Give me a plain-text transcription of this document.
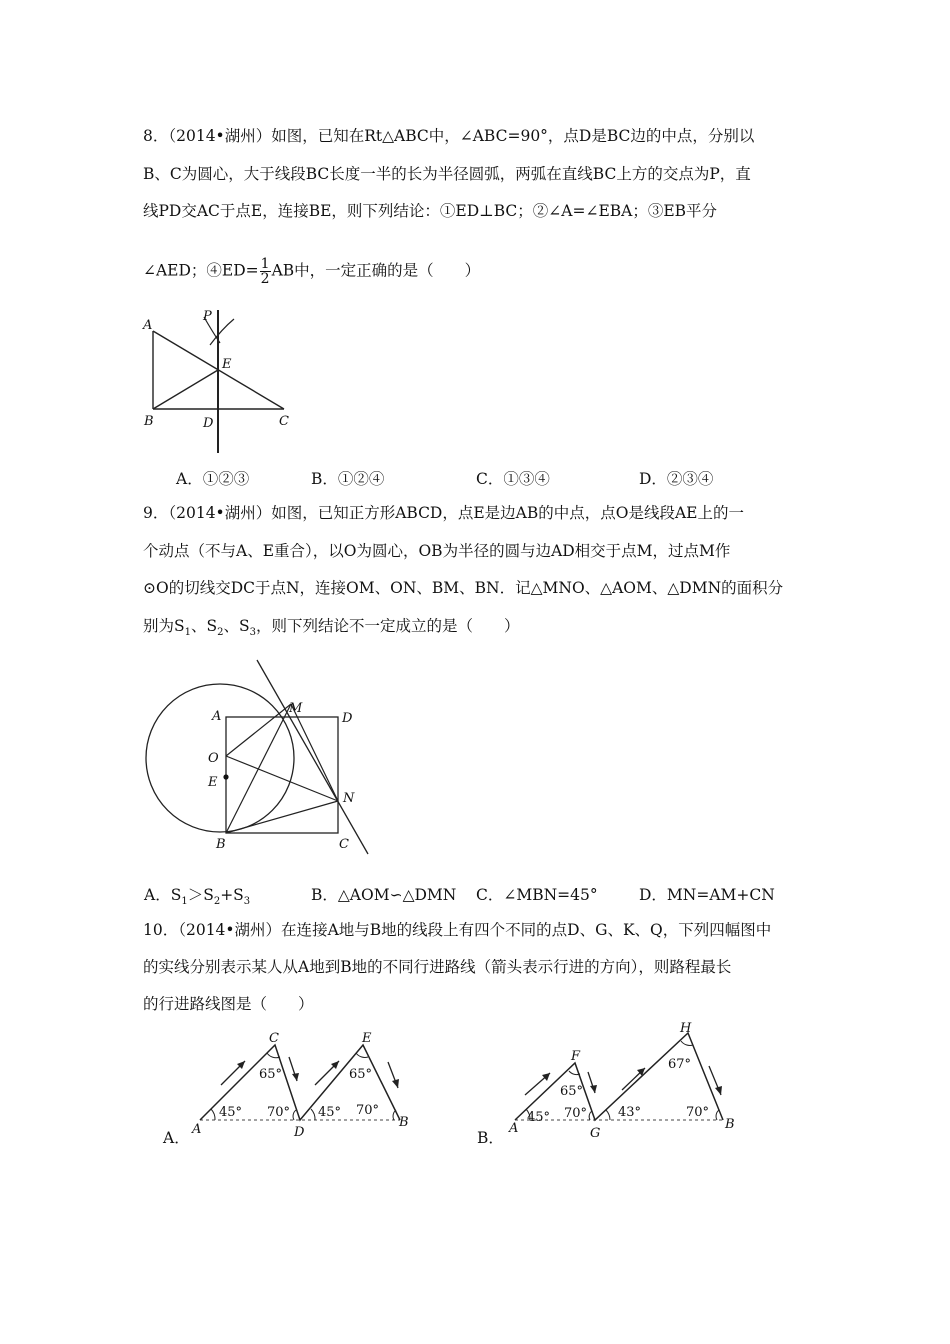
8．（2014•湖州）如图，已知在Rt△ABC中，∠ABC=90°，点D是BC边的中点，分别以
B、C为圆心，大于线段BC长度一半的长为半径圆弧，两弧在直线BC上方的交点为P，直
线PD交AC于点E，连接BE，则下列结论：①ED⊥BC；②∠A=∠EBA；③EB平分
∠AED；④ED= $\frac{1}{2}$ AB中，一定正确的是（　　）
A
P
E
B	D	C
A．①②③	B．①②④	C．①③④	D．②③④
9．（2014•湖州）如图，已知正方形ABCD，点E是边AB的中点，点O是线段AE上的一
个动点（不与A、E重合），以O为圆心，OB为半径的圆与边AD相交于点M，过点M作
⊙O的切线交DC于点N，连接OM、ON、BM、BN．记△MNO、△AOM、△DMN的面积分
别为$S_1$、$S_2$、$S_3$，则下列结论不一定成立的是（　　）
A
M
D
O
E
N
B	C
A．$S_1>S_2+S_3$	B．△AOM∽△DMN C．∠MBN=45°	D．MN=AM+CN
10．（2014•湖州）在连接A地与B地的线段上有四个不同的点D、G、K、Q，下列四幅图中
的实线分别表示某人从A地到B地的不同行进路线（箭头表示行进的方向），则路程最长
的行进路线图是（　　）
A． A
C
D
E
B
45°
65°
70° 45°
65°
70°
B．
A
F
G
H
B
45°
65°
70° 43°
67°
70°
